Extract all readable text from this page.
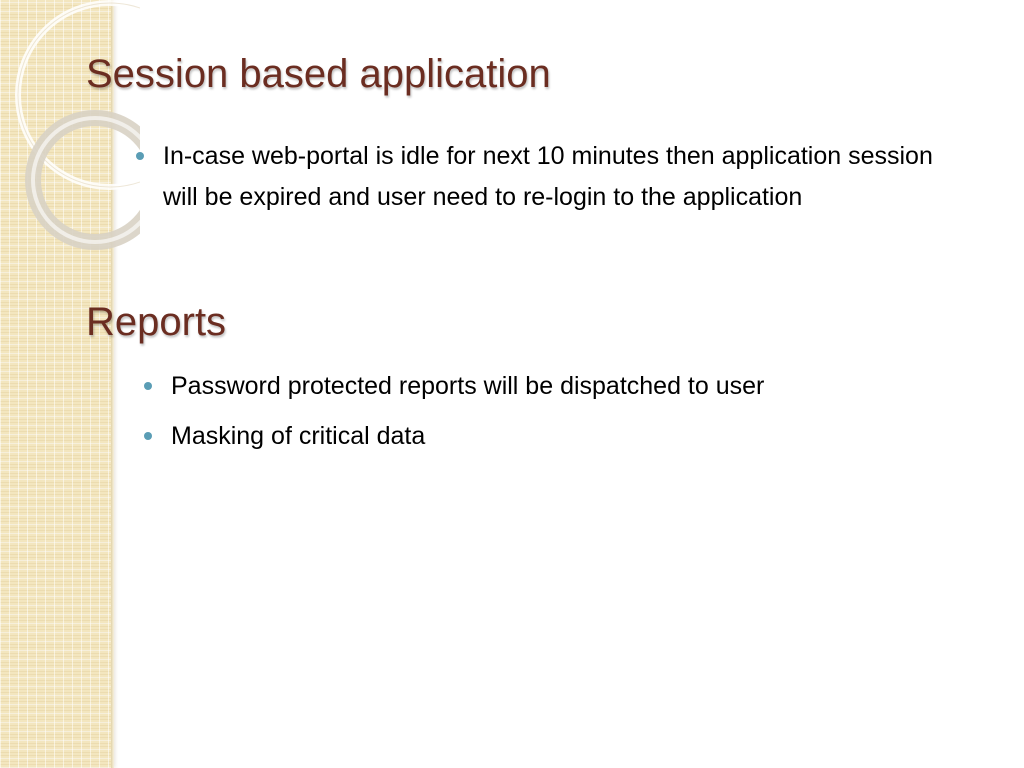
Session based application
In-case web-portal is idle for next 10 minutes then application session will be expired and user need to re-login to the application
Reports
Password protected reports will be dispatched to user
Masking of critical data
